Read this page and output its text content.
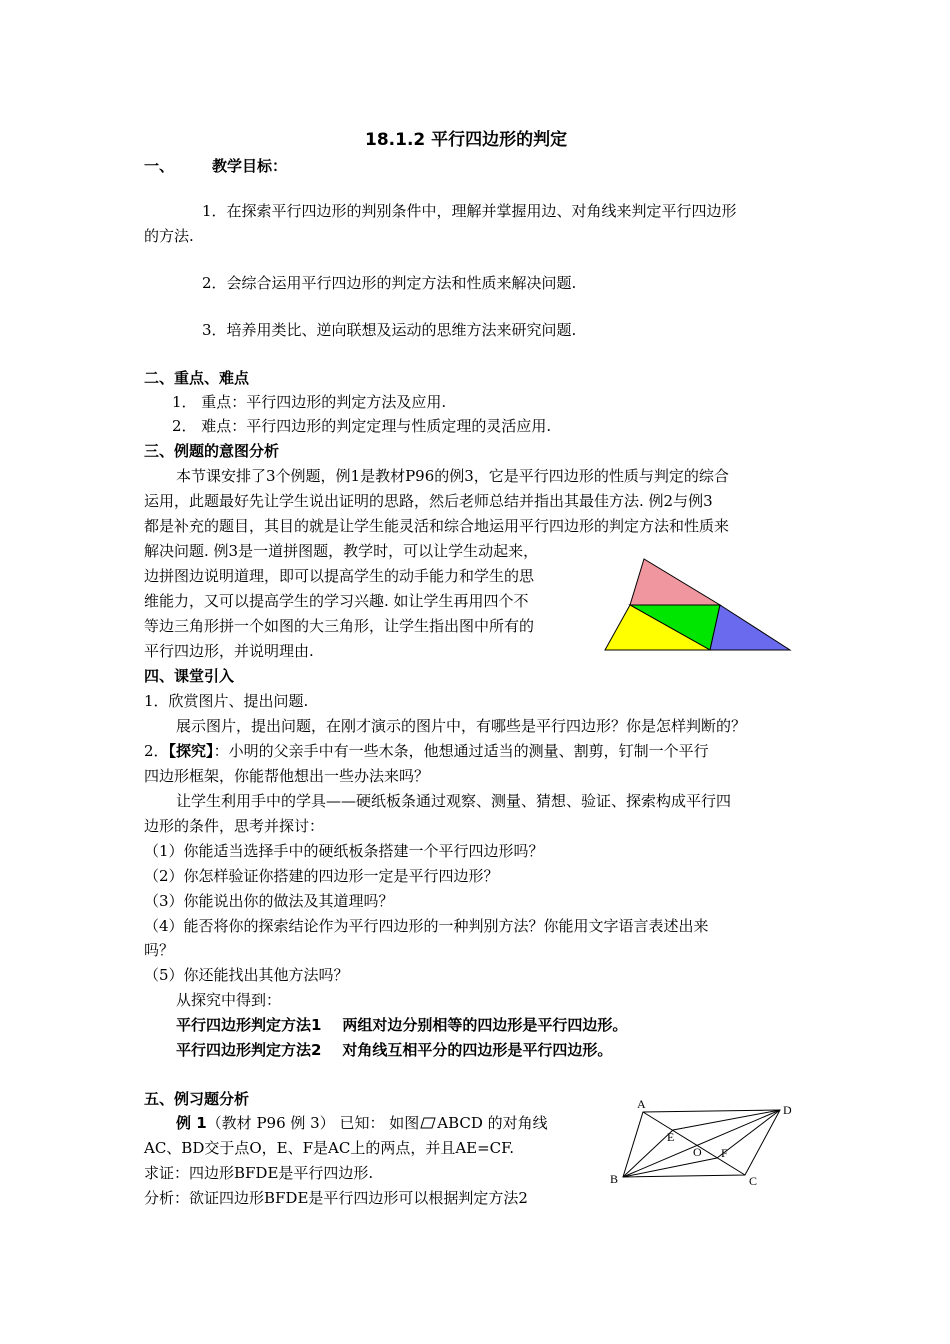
18.1.2 平行四边形的判定
一、	教学目标：
1．在探索平行四边形的判别条件中，理解并掌握用边、对角线来判定平行四边形
的方法.
2．会综合运用平行四边形的判定方法和性质来解决问题.
3．培养用类比、逆向联想及运动的思维方法来研究问题.
二、重点、难点
1． 重点：平行四边形的判定方法及应用.
2． 难点：平行四边形的判定定理与性质定理的灵活应用.
三、例题的意图分析
本节课安排了3个例题，例1是教材P96的例3，它是平行四边形的性质与判定的综合
运用，此题最好先让学生说出证明的思路，然后老师总结并指出其最佳方法. 例2与例3
都是补充的题目，其目的就是让学生能灵活和综合地运用平行四边形的判定方法和性质来
解决问题. 例3是一道拼图题，教学时，可以让学生动起来，
边拼图边说明道理，即可以提高学生的动手能力和学生的思
维能力，又可以提高学生的学习兴趣. 如让学生再用四个不
等边三角形拼一个如图的大三角形，让学生指出图中所有的
平行四边形，并说明理由.
四、课堂引入
1．欣赏图片、提出问题.
展示图片，提出问题，在刚才演示的图片中，有哪些是平行四边形？你是怎样判断的？
2．【探究】：小明的父亲手中有一些木条，他想通过适当的测量、割剪，钉制一个平行
四边形框架，你能帮他想出一些办法来吗？
让学生利用手中的学具——硬纸板条通过观察、测量、猜想、验证、探索构成平行四
边形的条件，思考并探讨：
（1）你能适当选择手中的硬纸板条搭建一个平行四边形吗？
（2）你怎样验证你搭建的四边形一定是平行四边形？
（3）你能说出你的做法及其道理吗？
（4）能否将你的探索结论作为平行四边形的一种判别方法？你能用文字语言表述出来
吗？
（5）你还能找出其他方法吗？
从探究中得到：
平行四边形判定方法1    两组对边分别相等的四边形是平行四边形。
平行四边形判定方法2    对角线互相平分的四边形是平行四边形。
五、例习题分析
例 1（教材 P96 例 3） 已知： 如图 ABCD 的对角线
AC、BD交于点O，E、F是AC上的两点，并且AE=CF.
求证：四边形BFDE是平行四边形.
分析：欲证四边形BFDE是平行四边形可以根据判定方法2
A	D
B	C
E
F
O
